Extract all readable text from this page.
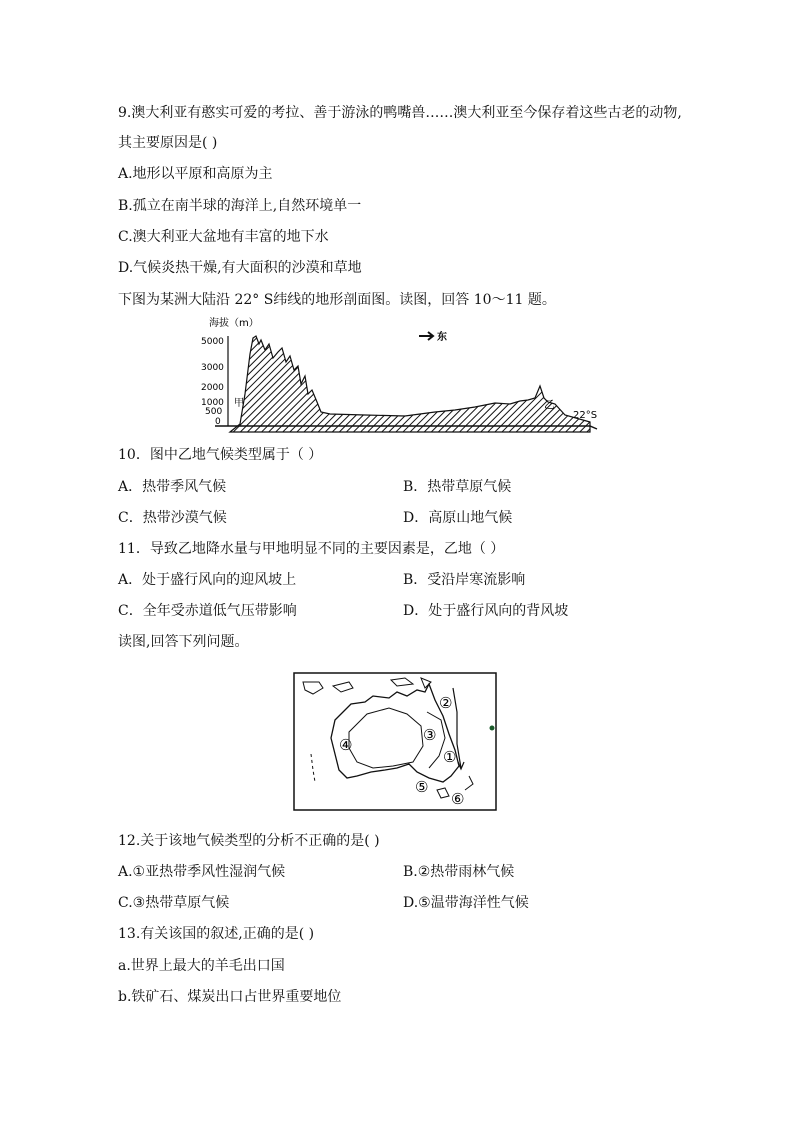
9.澳大利亚有憨实可爱的考拉、善于游泳的鸭嘴兽……澳大利亚至今保存着这些古老的动物,
其主要原因是( )
A.地形以平原和高原为主
B.孤立在南半球的海洋上,自然环境单一
C.澳大利亚大盆地有丰富的地下水
D.气候炎热干燥,有大面积的沙漠和草地
下图为某洲大陆沿 22° S纬线的地形剖面图。读图，回答 10～11 题。
海拔（m）
5000
3000
2000
1000
500
0
东
甲	乙
22°S
10．图中乙地气候类型属于（ ）
A．热带季风气候	B．热带草原气候
C．热带沙漠气候	D．高原山地气候
11．导致乙地降水量与甲地明显不同的主要因素是，乙地（ ）
A．处于盛行风向的迎风坡上	B．受沿岸寒流影响
C．全年受赤道低气压带影响	D．处于盛行风向的背风坡
读图,回答下列问题。
②
③
④
①
⑤
⑥
12.关于该地气候类型的分析不正确的是( )
A.①亚热带季风性湿润气候	B.②热带雨林气候
C.③热带草原气候	D.⑤温带海洋性气候
13.有关该国的叙述,正确的是( )
a.世界上最大的羊毛出口国
b.铁矿石、煤炭出口占世界重要地位
